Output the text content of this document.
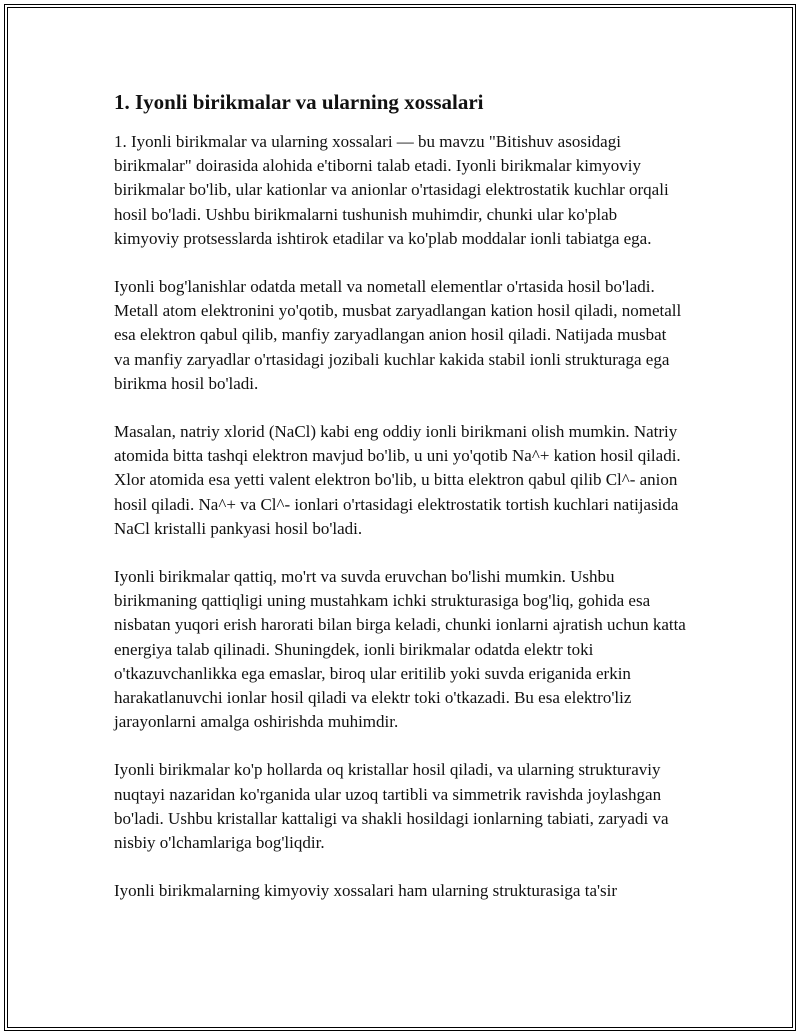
1. Iyonli birikmalar va ularning xossalari

1. Iyonli birikmalar va ularning xossalari — bu mavzu "Bitishuv asosidagi birikmalar" doirasida alohida e'tiborni talab etadi. Iyonli birikmalar kimyoviy birikmalar bo'lib, ular kationlar va anionlar o'rtasidagi elektrostatik kuchlar orqali hosil bo'ladi. Ushbu birikmalarni tushunish muhimdir, chunki ular ko'plab kimyoviy protsesslarda ishtirok etadilar va ko'plab moddalar ionli tabiatga ega.

Iyonli bog'lanishlar odatda metall va nometall elementlar o'rtasida hosil bo'ladi. Metall atom elektronini yo'qotib, musbat zaryadlangan kation hosil qiladi, nometall esa elektron qabul qilib, manfiy zaryadlangan anion hosil qiladi. Natijada musbat va manfiy zaryadlar o'rtasidagi jozibali kuchlar kakida stabil ionli strukturaga ega birikma hosil bo'ladi.

Masalan, natriy xlorid (NaCl) kabi eng oddiy ionli birikmani olish mumkin. Natriy atomida bitta tashqi elektron mavjud bo'lib, u uni yo'qotib Na^+ kation hosil qiladi. Xlor atomida esa yetti valent elektron bo'lib, u bitta elektron qabul qilib Cl^- anion hosil qiladi. Na^+ va Cl^- ionlari o'rtasidagi elektrostatik tortish kuchlari natijasida NaCl kristalli pankyasi hosil bo'ladi.

Iyonli birikmalar qattiq, mo'rt va suvda eruvchan bo'lishi mumkin. Ushbu birikmaning qattiqligi uning mustahkam ichki strukturasiga bog'liq, gohida esa nisbatan yuqori erish harorati bilan birga keladi, chunki ionlarni ajratish uchun katta energiya talab qilinadi. Shuningdek, ionli birikmalar odatda elektr toki o'tkazuvchanlikka ega emaslar, biroq ular eritilib yoki suvda eriganida erkin harakatlanuvchi ionlar hosil qiladi va elektr toki o'tkazadi. Bu esa elektro'liz jarayonlarni amalga oshirishda muhimdir.

Iyonli birikmalar ko'p hollarda oq kristallar hosil qiladi, va ularning strukturaviy nuqtayi nazaridan ko'rganida ular uzoq tartibli va simmetrik ravishda joylashgan bo'ladi. Ushbu kristallar kattaligi va shakli hosildagi ionlarning tabiati, zaryadi va nisbiy o'lchamlariga bog'liqdir.

Iyonli birikmalarning kimyoviy xossalari ham ularning strukturasiga ta'sir
